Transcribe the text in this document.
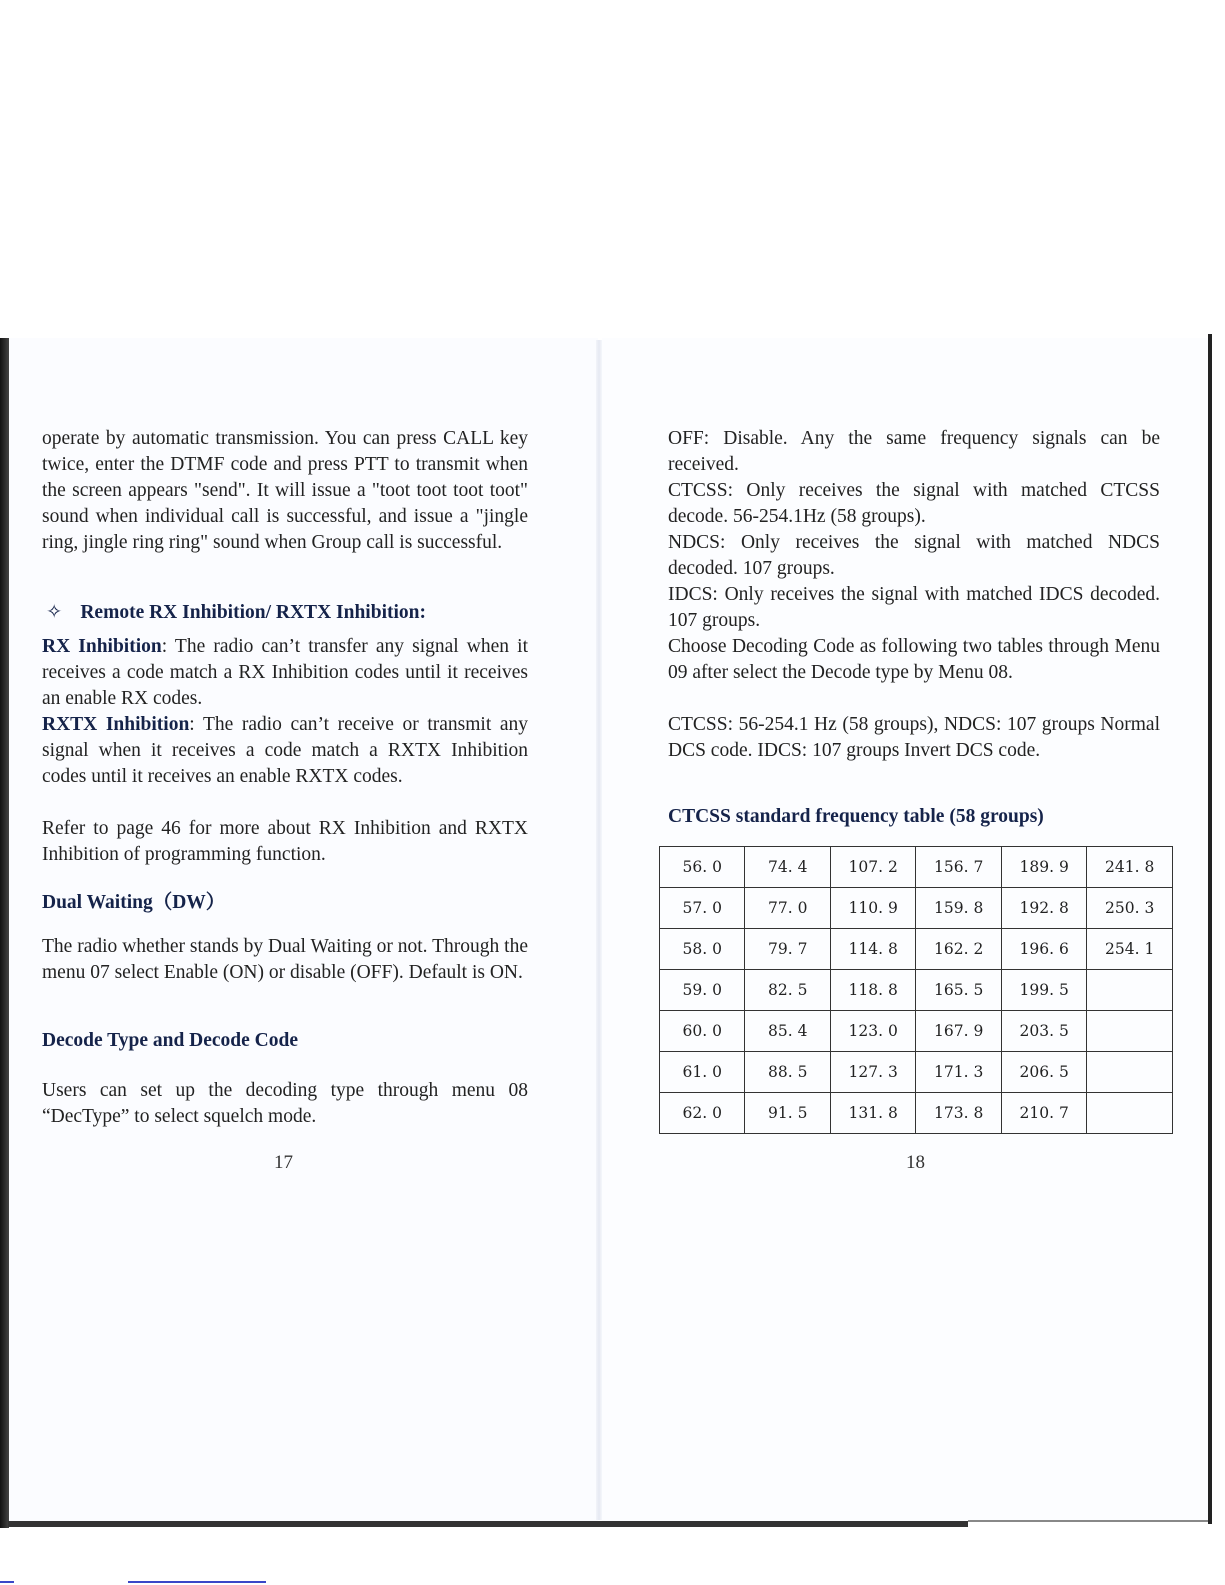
operate by automatic transmission. You can press CALL key twice, enter the DTMF code and press PTT to transmit when the screen appears "send". It will issue a "toot toot toot toot" sound when individual call is successful, and issue a "jingle ring, jingle ring ring" sound when Group call is successful.

✧ Remote RX Inhibition/ RXTX Inhibition:

RX Inhibition: The radio can’t transfer any signal when it receives a code match a RX Inhibition codes until it receives an enable RX codes.

RXTX Inhibition: The radio can’t receive or transmit any signal when it receives a code match a RXTX Inhibition codes until it receives an enable RXTX codes.

Refer to page 46 for more about RX Inhibition and RXTX Inhibition of programming function.

Dual Waiting（DW）

The radio whether stands by Dual Waiting or not. Through the menu 07 select Enable (ON) or disable (OFF). Default is ON.

Decode Type and Decode Code

Users can set up the decoding type through menu 08 “DecType” to select squelch mode.

17

OFF: Disable. Any the same frequency signals can be received.

CTCSS: Only receives the signal with matched CTCSS decode. 56-254.1Hz (58 groups).

NDCS: Only receives the signal with matched NDCS decoded. 107 groups.

IDCS: Only receives the signal with matched IDCS decoded. 107 groups.

Choose Decoding Code as following two tables through Menu 09 after select the Decode type by Menu 08.

CTCSS: 56-254.1 Hz (58 groups), NDCS: 107 groups Normal DCS code. IDCS: 107 groups Invert DCS code.

CTCSS standard frequency table (58 groups)
56. 0	74. 4	107. 2	156. 7	189. 9	241. 8
57. 0	77. 0	110. 9	159. 8	192. 8	250. 3
58. 0	79. 7	114. 8	162. 2	196. 6	254. 1
59. 0	82. 5	118. 8	165. 5	199. 5	
60. 0	85. 4	123. 0	167. 9	203. 5	
61. 0	88. 5	127. 3	171. 3	206. 5	
62. 0	91. 5	131. 8	173. 8	210. 7	
18
